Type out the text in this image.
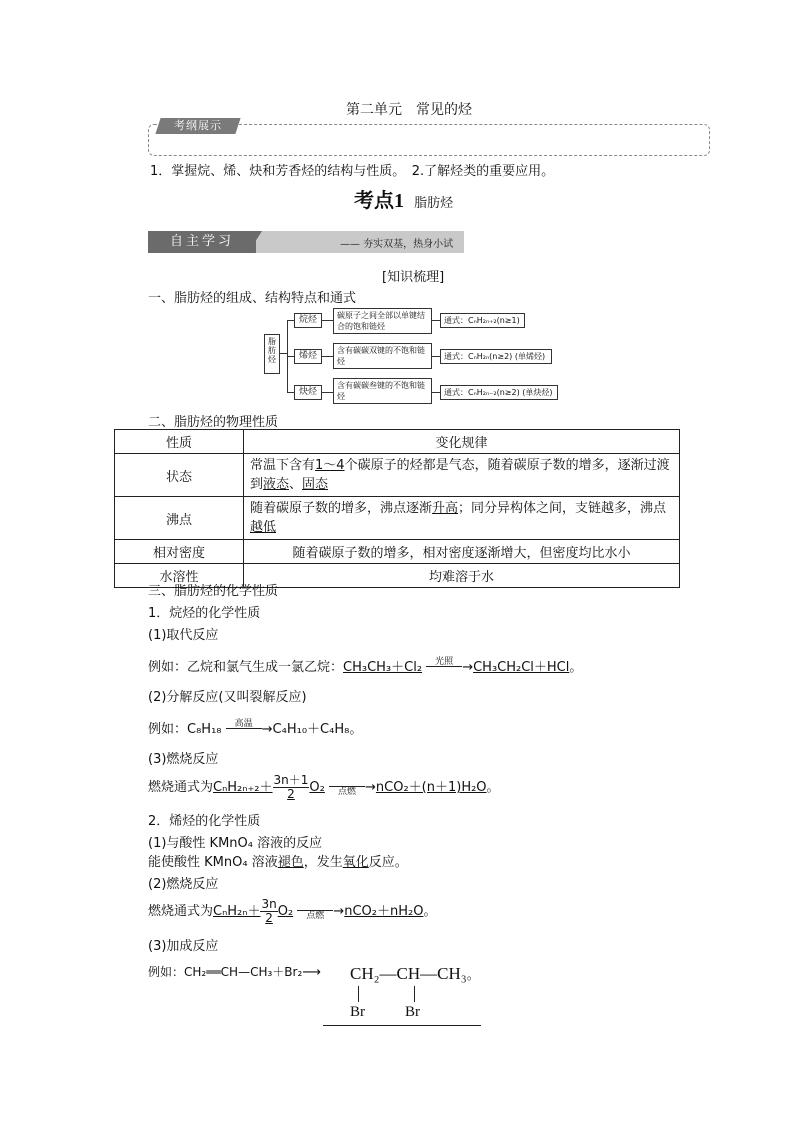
第二单元　常见的烃
考纲展示
1．掌握烷、烯、炔和芳香烃的结构与性质。　2.了解烃类的重要应用。
考点1 脂肪烃
自主学习	—— 夯实双基，热身小试
[知识梳理]
一、脂肪烃的组成、结构特点和通式
脂肪烃
烷烃	碳原子之间全部以单键结合的饱和链烃
通式：CₙH₂ₙ₊₂(n≥1)
烯烃
含有碳碳双键的不饱和链烃
通式：CₙH₂ₙ(n≥2) (单烯烃)
炔烃
含有碳碳叁键的不饱和链烃	通式：CₙH₂ₙ₋₂(n≥2) (单炔烃)
二、脂肪烃的物理性质
性质	变化规律
状态	常温下含有1～4个碳原子的烃都是气态，随着碳原子数的增多，逐渐过渡到液态、固态
沸点	随着碳原子数的增多，沸点逐渐升高；同分异构体之间，支链越多，沸点越低
相对密度	随着碳原子数的增多，相对密度逐渐增大，但密度均比水小
水溶性	均难溶于水
三、脂肪烃的化学性质
1．烷烃的化学性质
(1)取代反应
例如：乙烷和氯气生成一氯乙烷：CH₃CH₃＋Cl₂	光照 →CH₃CH₂Cl＋HCl。
(2)分解反应(又叫裂解反应)
例如：C₈H₁₈	高温 →C₄H₁₀＋C₄H₈。
(3)燃烧反应
燃烧通式为$C_nH_{2n+2}+ \frac{3n+1}{2} O_2$	点燃 →nCO₂＋(n＋1)H₂O。
2．烯烃的化学性质
(1)与酸性 KMnO₄ 溶液的反应
能使酸性 KMnO₄ 溶液褪色，发生氧化反应。
(2)燃烧反应
燃烧通式为$C_nH_{2n}+ \frac{3n}{2} O_2$	点燃 →nCO₂＋nH₂O。
(3)加成反应
例如：CH₂══CH—CH₃＋Br₂⟶ CH₂—CH—CH₃。
Br	Br
